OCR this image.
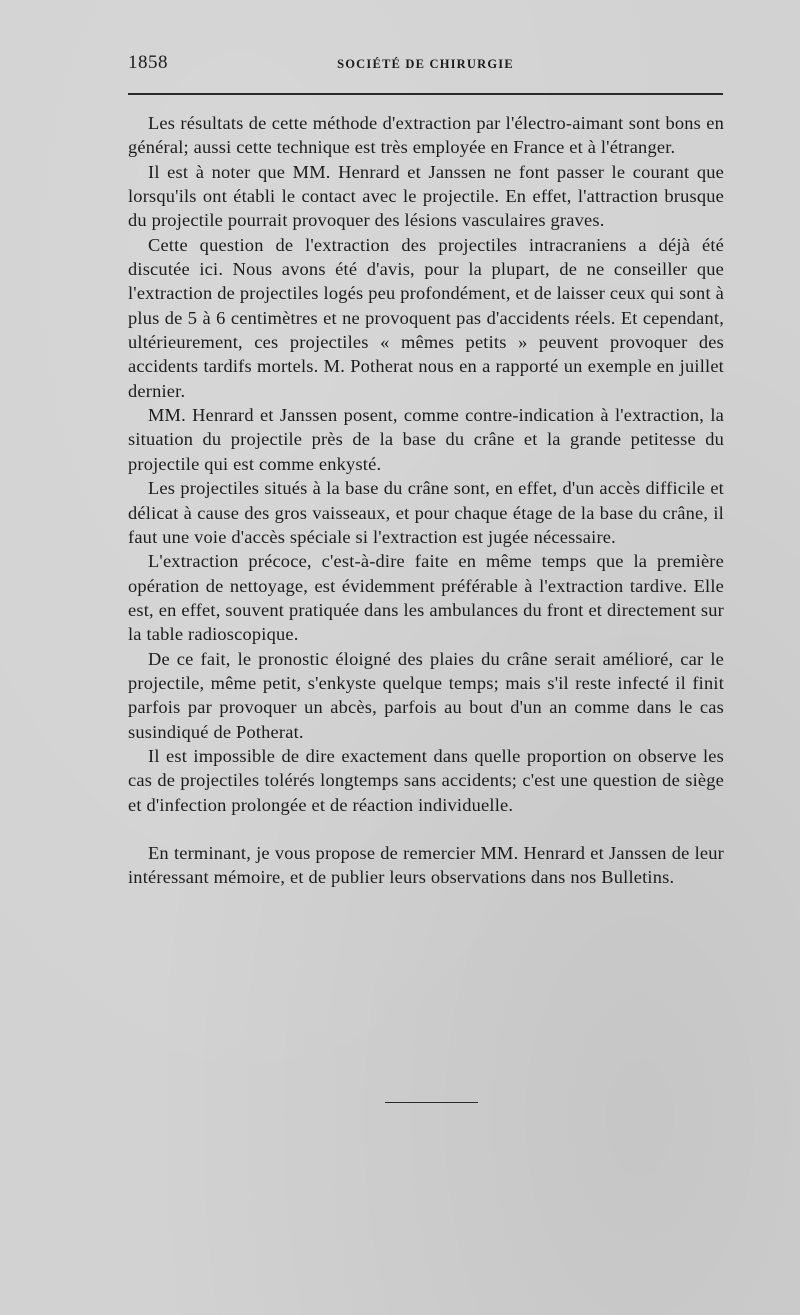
1858	SOCIÉTÉ DE CHIRURGIE

Les résultats de cette méthode d'extraction par l'électro-aimant sont bons en général; aussi cette technique est très employée en France et à l'étranger.

Il est à noter que MM. Henrard et Janssen ne font passer le courant que lorsqu'ils ont établi le contact avec le projectile. En effet, l'attraction brusque du projectile pourrait provoquer des lésions vasculaires graves.

Cette question de l'extraction des projectiles intracraniens a déjà été discutée ici. Nous avons été d'avis, pour la plupart, de ne conseiller que l'extraction de projectiles logés peu profondément, et de laisser ceux qui sont à plus de 5 à 6 centimètres et ne provoquent pas d'accidents réels. Et cependant, ultérieurement, ces projectiles « mêmes petits » peuvent provoquer des accidents tardifs mortels. M. Potherat nous en a rapporté un exemple en juillet dernier.

MM. Henrard et Janssen posent, comme contre-indication à l'extraction, la situation du projectile près de la base du crâne et la grande petitesse du projectile qui est comme enkysté.

Les projectiles situés à la base du crâne sont, en effet, d'un accès difficile et délicat à cause des gros vaisseaux, et pour chaque étage de la base du crâne, il faut une voie d'accès spéciale si l'extraction est jugée nécessaire.

L'extraction précoce, c'est-à-dire faite en même temps que la première opération de nettoyage, est évidemment préférable à l'extraction tardive. Elle est, en effet, souvent pratiquée dans les ambulances du front et directement sur la table radioscopique.

De ce fait, le pronostic éloigné des plaies du crâne serait amélioré, car le projectile, même petit, s'enkyste quelque temps; mais s'il reste infecté il finit parfois par provoquer un abcès, parfois au bout d'un an comme dans le cas susindiqué de Potherat.

Il est impossible de dire exactement dans quelle proportion on observe les cas de projectiles tolérés longtemps sans accidents; c'est une question de siège et d'infection prolongée et de réaction individuelle.

En terminant, je vous propose de remercier MM. Henrard et Janssen de leur intéressant mémoire, et de publier leurs observations dans nos Bulletins.
